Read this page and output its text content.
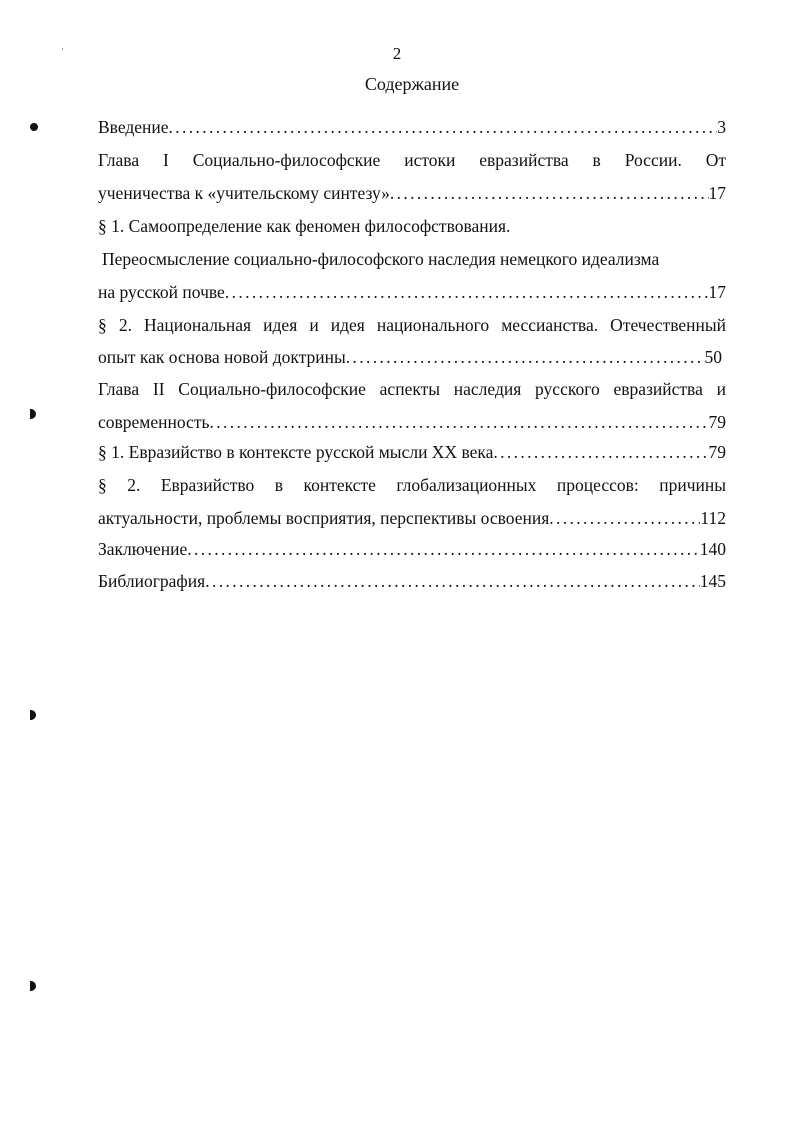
2
Содержание
Введение . . .	3
Глава I Социально-философские истоки евразийства в России. От
ученичества к «учительскому синтезу» . . .	17
§ 1. Самоопределение как феномен философствования.
Переосмысление социально-философского наследия немецкого идеализма
на русской почве . . .	17
§ 2. Национальная идея и идея национального мессианства. Отечественный
опыт как основа новой доктрины . . .	50
Глава II Социально-философские аспекты наследия русского евразийства и
современность . . .	79
§ 1. Евразийство в контексте русской мысли XX века . . .	79
§ 2. Евразийство в контексте глобализационных процессов: причины
актуальности, проблемы восприятия, перспективы освоения . . .	112
Заключение . . .	140
Библиография . . .	145
